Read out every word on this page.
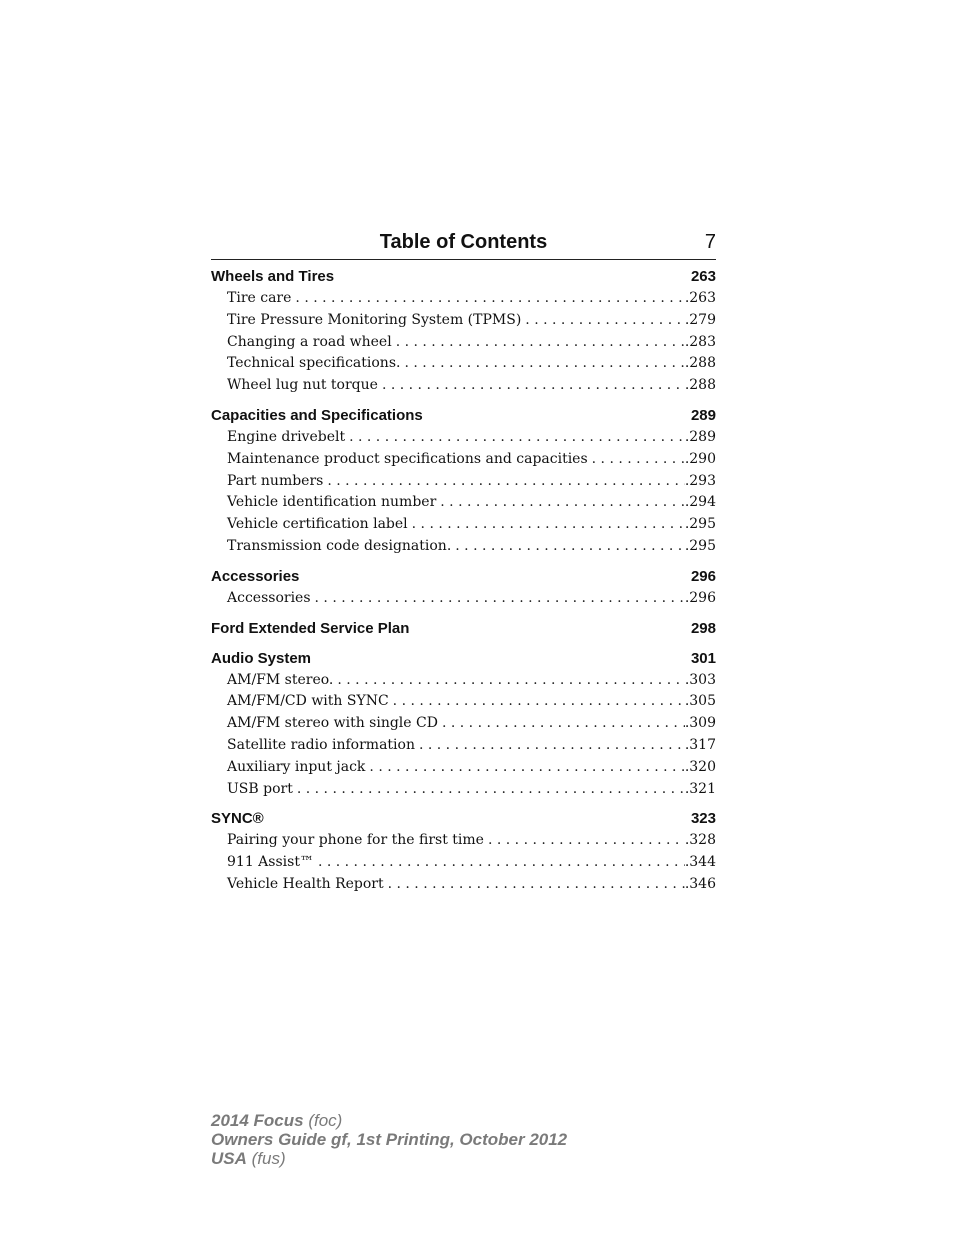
Table of Contents	7
Wheels and Tires	263
Tire care . . .	.263
Tire Pressure Monitoring System (TPMS) . . .	.279
Changing a road wheel . . .	.283
Technical specifications. . . .	.288
Wheel lug nut torque . . .	.288
Capacities and Specifications	289
Engine drivebelt . . .	.289
Maintenance product specifications and capacities . . .	.290
Part numbers . . .	.293
Vehicle identification number . . .	.294
Vehicle certification label . . .	.295
Transmission code designation. . . .	.295
Accessories	296
Accessories . . .	.296
Ford Extended Service Plan	298
Audio System	301
AM/FM stereo. . . .	.303
AM/FM/CD with SYNC . . .	.305
AM/FM stereo with single CD . . .	.309
Satellite radio information . . .	.317
Auxiliary input jack . . .	.320
USB port . . .	.321
SYNC®	323
Pairing your phone for the first time . . .	.328
911 Assist™ . . .	.344
Vehicle Health Report . . .	.346
2014 Focus (foc)
Owners Guide gf, 1st Printing, October 2012
USA (fus)
